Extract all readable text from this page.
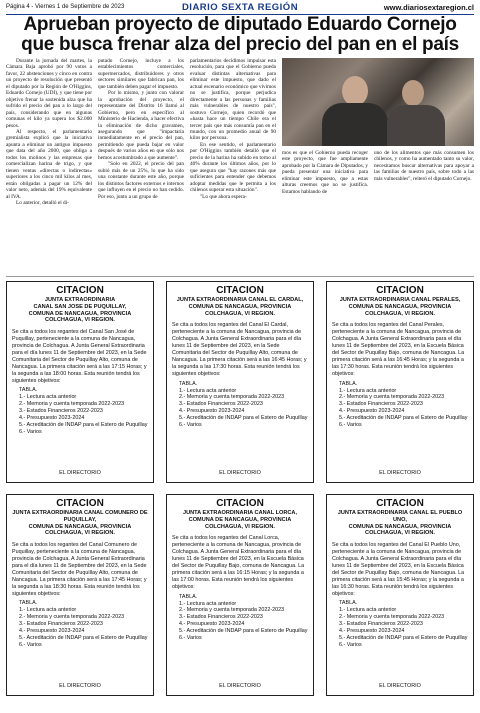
Página 4 - Viernes 1 de Septiembre de 2023	DIARIO SEXTA REGIÓN	www.diariosextaregion.cl
Aprueban proyecto de diputado Eduardo Cornejo que busca frenar alza del precio del pan en el país

Durante la jornada del martes, la Cámara Baja aprobó por 90 votos a favor, 22 abstenciones y cinco en contra un proyecto de resolución que presentó el diputado por la Región de O'Higgins, Eduardo Cornejo (UDI), y que tiene por objetivo frenar la sostenida alza que ha sufrido el precio del pan a lo largo del país, considerando que en algunas comunas el kilo ya supera los $2.000 pesos.

Al respecto, el parlamentario gremialista explicó que la iniciativa apunta a eliminar un antiguo impuesto que data del año 2000, que obliga a todos los molinos y las empresas que comercializan harina de trigo, y que tienen ventas «directas o indirectas» superiores a los cinco mil kilos al mes, están obligadas a pagar un 12% del valor neto, además del 19% equivalente al IVA.

Lo anterior, detalló el di-

putado Cornejo, incluye a los establecimientos comerciales, supermercados, distribuidores y otros sectores similares que fabrican pan, los que también deben pagar el impuesto.

Por lo mismo, y junto con valorar la aprobación del proyecto, el representante del Distrito 16 llamó al Gobierno, pero en específico al Ministerio de Hacienda, a hacer efectiva la eliminación de dicho gravamen, asegurando que "impactaría inmediatamente en el precio del pan, permitiendo que pueda bajar en valor después de varios años en que sólo nos hemos acostumbrado a que aumente".

"Solo en 2022, el precio del pan subió más de un 25%, lo que ha sido una constante durante este año, porque los distintos factores externos e internos que influyen en el precio no han cedido. Por eso, junto a un grupo de

parlamentarios decidimos impulsar esta resolución, para que el Gobierno pueda evaluar distintas alternativas para eliminar este impuesto, que dado el actual escenario económico que vivimos no se justifica, porque perjudica directamente a las personas y familias más vulnerables de nuestro país", sostuvo Cornejo, quien recordó que «hasta hace un tiempo Chile era el tercer país que más consumía pan en el mundo, con un promedio anual de 90 kilos por persona.

En ese sentido, el parlamentario por O'Higgins también detalló que el precio de la harina ha subido en torno al 40% durante los últimos años, por lo que asegura que "hay razones más que suficientes para entender que debemos adoptar medidas que le permita a los chilenos superar esta situación".

"Lo que ahora espera-

mos es que el Gobierno pueda recoger este proyecto, que fue ampliamente aprobado por la Cámara de Diputados, y pueda presentar una iniciativa para eliminar este impuesto, que a estas alturas creemos que no se justifica. Estamos hablando de

uno de los alimentos que más consumen los chilenos, y como ha aumentado tanto su valor, necesitamos buscar alternativas para apoyar a las familias de nuestro país, sobre todo a las más vulnerables", reiteró el diputado Cornejo.

CITACION
JUNTA EXTRAORDINARIA
CANAL SAN JOSE DE PUQUILLAY,
COMUNA DE NANCAGUA, PROVINCIA COLCHAGUA, VI REGION.
Se cita a todos los regantes del Canal San José de Puquillay, perteneciente a la comuna de Nancagua, provincia de Colchagua. A Junta General Extraordinaria para el día lunes 11 de Septiembre del 2023, en la Sede Comunitaria del Sector de Puquillay Alto, comuna de Nancagua. La primera citación será a las 17:15 Horas; y la segunda a las 18:00 horas. Esta reunión tendrá los siguientes objetivos:
TABLA.
1.- Lectura acta anterior
2.- Memoria y cuenta temporada 2022-2023
3.- Estados Financieros 2022-2023
4.- Presupuesto 2023-2024
5.- Acreditación de INDAP para el Estero de Puquillay
6.- Varios
EL DIRECTORIO
CITACION
JUNTA EXTRAORDINARIA CANAL EL CARDAL,
COMUNA DE NANCAGUA, PROVINCIA COLCHAGUA, VI REGION.
Se cita a todos los regantes del Canal El Cardal, perteneciente a la comuna de Nancagua, provincia de Colchagua. A Junta General Extraordinaria para el día lunes 11 de Septiembre del 2023, en la Sede Comunitaria del Sector de Puquillay Alto, comuna de Nancagua. La primera citación será a las 16:45 Horas; y la segunda a las 17:30 horas. Esta reunión tendrá los siguientes objetivos:
TABLA.
1.- Lectura acta anterior
2.- Memoria y cuenta temporada 2022-2023
3.- Estados Financieros 2022-2023
4.- Presupuesto 2023-2024
5.- Acreditación de INDAP para el Estero de Puquillay
6.- Varios
EL DIRECTORIO
CITACION
JUNTA EXTRAORDINARIA CANAL PERALES,
COMUNA DE NANCAGUA, PROVINCIA COLCHAGUA, VI REGION.
Se cita a todos los regantes del Canal Perales, perteneciente a la comuna de Nancagua, provincia de Colchagua. A Junta General Extraordinaria para el día lunes 11 de Septiembre del 2023, en la Escuela Básica del Sector de Puquillay Bajo, comuna de Nancagua. La primera citación será a las 16:45 Horas; y la segunda a las 17:30 horas. Esta reunión tendrá los siguientes objetivos:
TABLA.
1.- Lectura acta anterior
2.- Memoria y cuenta temporada 2022-2023
3.- Estados Financieros 2022-2023
4.- Presupuesto 2023-2024
5.- Acreditación de INDAP para el Estero de Puquillay
6.- Varios
EL DIRECTORIO
CITACION
JUNTA EXTRAORDINARIA CANAL COMUNERO DE PUQUILLAY,
COMUNA DE NANCAGUA, PROVINCIA COLCHAGUA, VI REGION.
Se cita a todos los regantes del Canal Comunero de Puquillay, perteneciente a la comuna de Nancagua, provincia de Colchagua. A Junta General Extraordinaria para el día lunes 11 de Septiembre del 2023, en la Sede Comunitaria del Sector de Puquillay Alto, comuna de Nancagua. La primera citación será a las 17:45 Horas; y la segunda a las 18:30 horas. Esta reunión tendrá los siguientes objetivos:
TABLA.
1.- Lectura acta anterior
2.- Memoria y cuenta temporada 2022-2023
3.- Estados Financieros 2022-2023
4.- Presupuesto 2023-2024
5.- Acreditación de INDAP para el Estero de Puquillay
6.- Varios
EL DIRECTORIO
CITACION
JUNTA EXTRAORDINARIA CANAL LORCA,
COMUNA DE NANCAGUA, PROVINCIA COLCHAGUA, VI REGION.
Se cita a todos los regantes del Canal Lorca, perteneciente a la comuna de Nancagua, provincia de Colchagua. A Junta General Extraordinaria para el día lunes 11 de Septiembre del 2023, en la Escuela Básica del Sector de Puquillay Bajo, comuna de Nancagua. La primera citación será a las 16:15 Horas; y la segunda a las 17:00 horas. Esta reunión tendrá los siguientes objetivos:
TABLA.
1.- Lectura acta anterior
2.- Memoria y cuenta temporada 2022-2023
3.- Estados Financieros 2022-2023
4.- Presupuesto 2023-2024
5.- Acreditación de INDAP para el Estero de Puquillay
6.- Varios
EL DIRECTORIO
CITACION
JUNTA EXTRAORDINARIA CANAL EL PUEBLO UNO,
COMUNA DE NANCAGUA, PROVINCIA COLCHAGUA, VI REGION.
Se cita a todos los regantes del Canal El Pueblo Uno, perteneciente a la comuna de Nancagua, provincia de Colchagua. A Junta General Extraordinaria para el día lunes 11 de Septiembre del 2023, en la Escuela Básica del Sector de Puquillay Bajo, comuna de Nancagua. La primera citación será a las 15:45 Horas; y la segunda a las 16:30 horas. Esta reunión tendrá los siguientes objetivos:
TABLA.
1.- Lectura acta anterior
2.- Memoria y cuenta temporada 2022-2023
3.- Estados Financieros 2022-2023
4.- Presupuesto 2023-2024
5.- Acreditación de INDAP para el Estero de Puquillay
6.- Varios
EL DIRECTORIO
